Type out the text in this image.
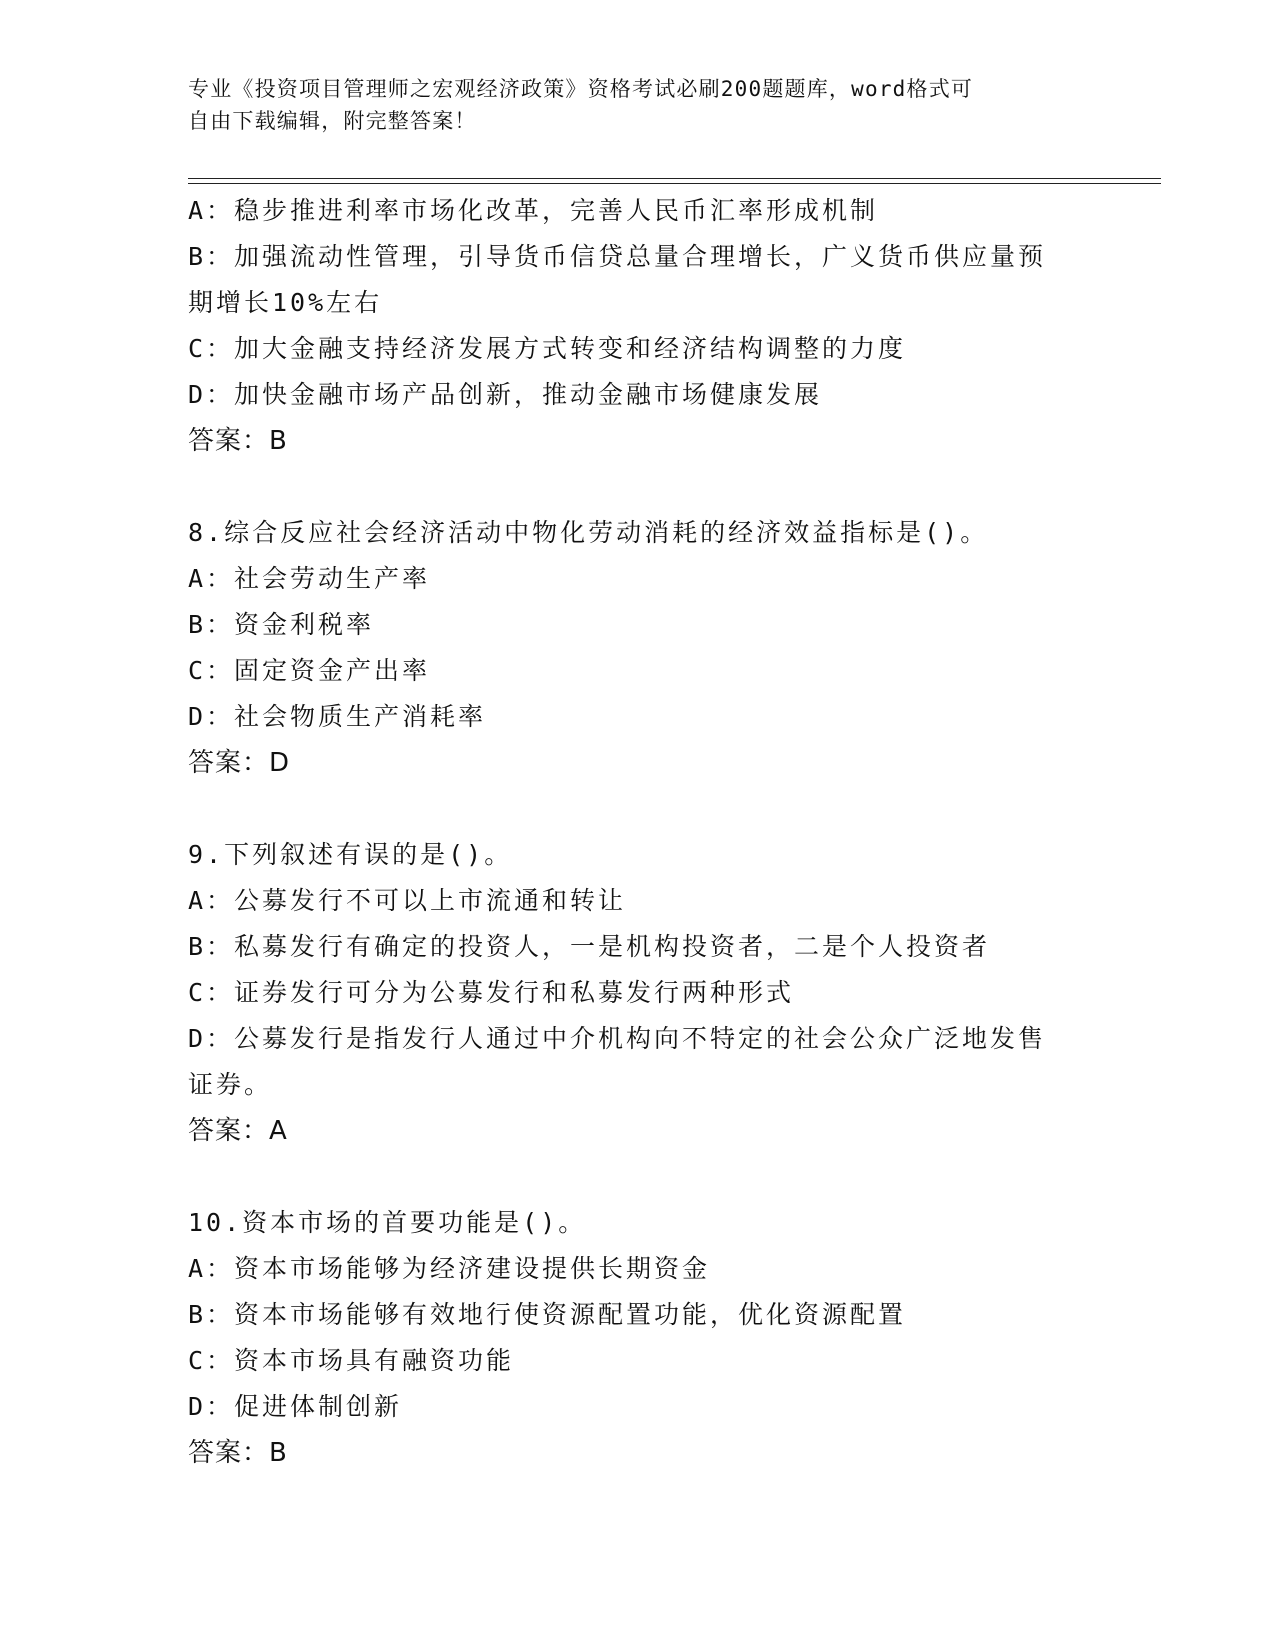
专业《投资项目管理师之宏观经济政策》资格考试必刷200题题库，word格式可
自由下载编辑，附完整答案！
A：稳步推进利率市场化改革，完善人民币汇率形成机制
B：加强流动性管理，引导货币信贷总量合理增长，广义货币供应量预
期增长10%左右
C：加大金融支持经济发展方式转变和经济结构调整的力度
D：加快金融市场产品创新，推动金融市场健康发展
答案：B
8.综合反应社会经济活动中物化劳动消耗的经济效益指标是()。
A：社会劳动生产率
B：资金利税率
C：固定资金产出率
D：社会物质生产消耗率
答案：D
9.下列叙述有误的是()。
A：公募发行不可以上市流通和转让
B：私募发行有确定的投资人，一是机构投资者，二是个人投资者
C：证券发行可分为公募发行和私募发行两种形式
D：公募发行是指发行人通过中介机构向不特定的社会公众广泛地发售
证券。
答案：A
10.资本市场的首要功能是()。
A：资本市场能够为经济建设提供长期资金
B：资本市场能够有效地行使资源配置功能，优化资源配置
C：资本市场具有融资功能
D：促进体制创新
答案：B
